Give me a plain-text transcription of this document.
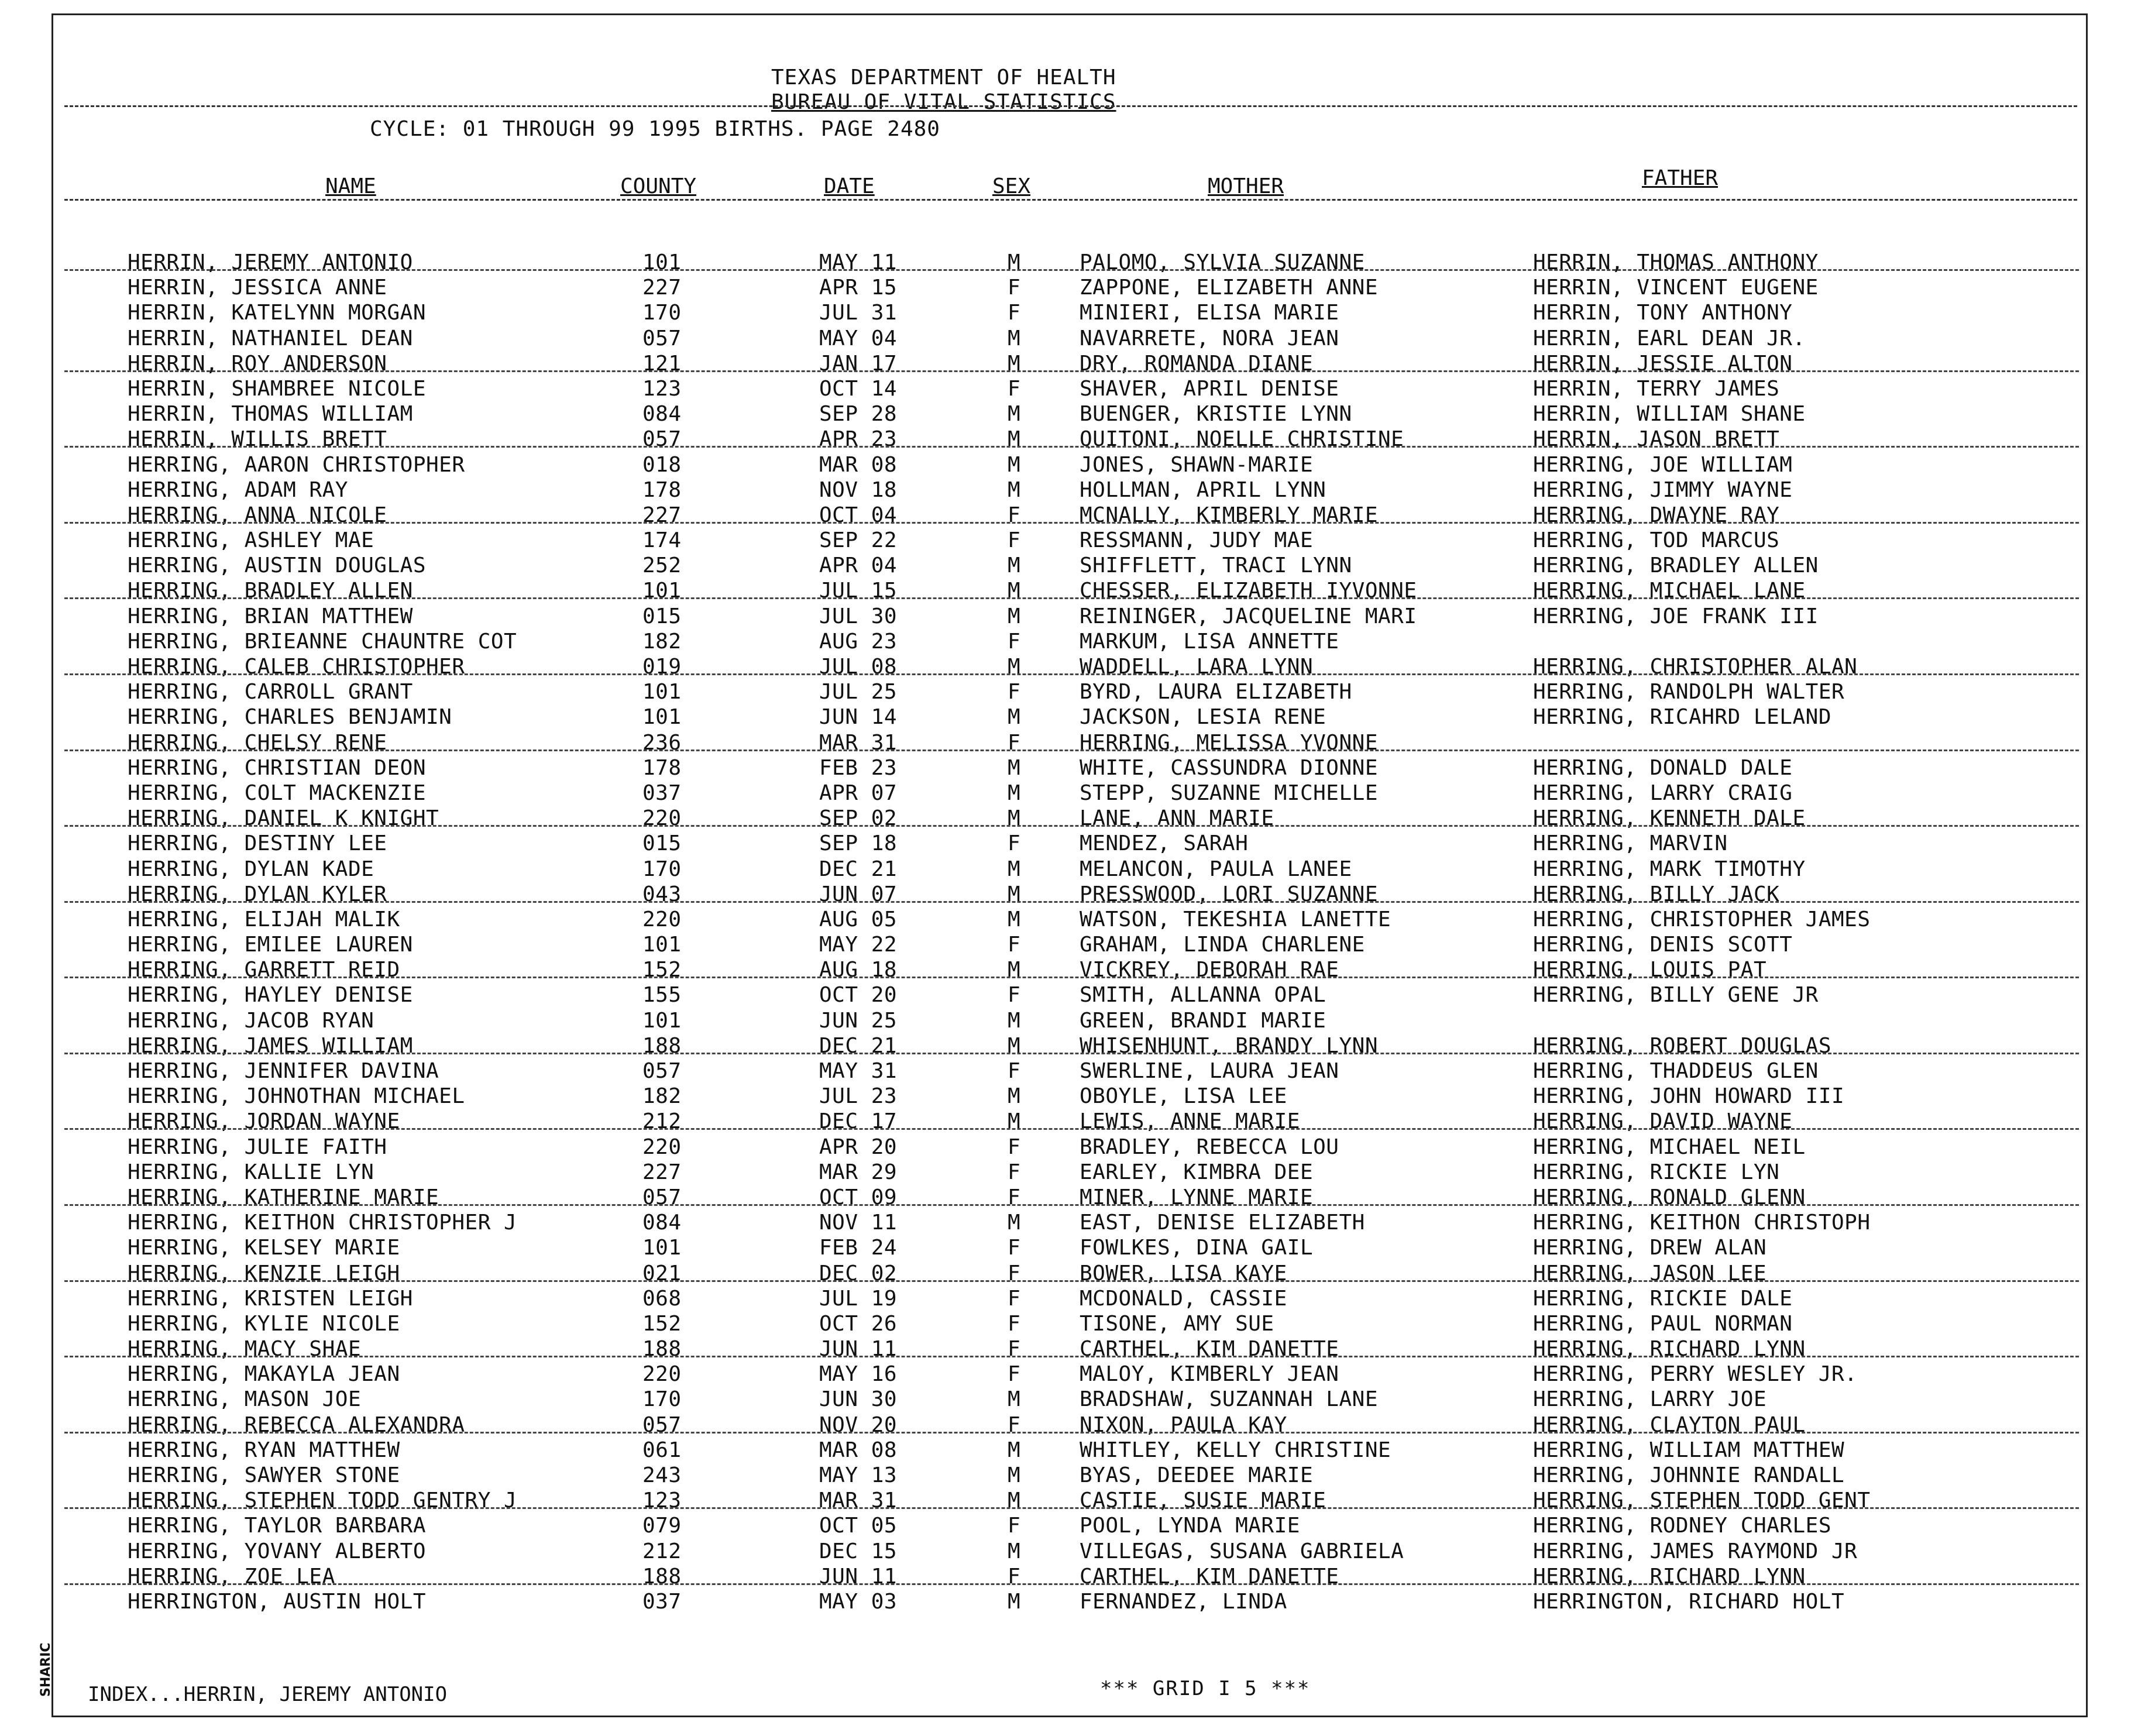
TEXAS DEPARTMENT OF HEALTH
BUREAU OF VITAL STATISTICS
CYCLE: 01 THROUGH 99 1995 BIRTHS. PAGE 2480
NAME	COUNTY	DATE	SEX	MOTHER	FATHER
HERRIN, JEREMY ANTONIO	101	MAY 11	M	PALOMO, SYLVIA SUZANNE	HERRIN, THOMAS ANTHONY
HERRIN, JESSICA ANNE	227	APR 15	F	ZAPPONE, ELIZABETH ANNE	HERRIN, VINCENT EUGENE
HERRIN, KATELYNN MORGAN	170	JUL 31	F	MINIERI, ELISA MARIE	HERRIN, TONY ANTHONY
HERRIN, NATHANIEL DEAN	057	MAY 04	M	NAVARRETE, NORA JEAN	HERRIN, EARL DEAN JR.
HERRIN, ROY ANDERSON	121	JAN 17	M	DRY, ROMANDA DIANE	HERRIN, JESSIE ALTON
HERRIN, SHAMBREE NICOLE	123	OCT 14	F	SHAVER, APRIL DENISE	HERRIN, TERRY JAMES
HERRIN, THOMAS WILLIAM	084	SEP 28	M	BUENGER, KRISTIE LYNN	HERRIN, WILLIAM SHANE
HERRIN, WILLIS BRETT	057	APR 23	M	QUITONI, NOELLE CHRISTINE	HERRIN, JASON BRETT
HERRING, AARON CHRISTOPHER	018	MAR 08	M	JONES, SHAWN-MARIE	HERRING, JOE WILLIAM
HERRING, ADAM RAY	178	NOV 18	M	HOLLMAN, APRIL LYNN	HERRING, JIMMY WAYNE
HERRING, ANNA NICOLE	227	OCT 04	F	MCNALLY, KIMBERLY MARIE	HERRING, DWAYNE RAY
HERRING, ASHLEY MAE	174	SEP 22	F	RESSMANN, JUDY MAE	HERRING, TOD MARCUS
HERRING, AUSTIN DOUGLAS	252	APR 04	M	SHIFFLETT, TRACI LYNN	HERRING, BRADLEY ALLEN
HERRING, BRADLEY ALLEN	101	JUL 15	M	CHESSER, ELIZABETH IYVONNE	HERRING, MICHAEL LANE
HERRING, BRIAN MATTHEW	015	JUL 30	M	REININGER, JACQUELINE MARI	HERRING, JOE FRANK III
HERRING, BRIEANNE CHAUNTRE COT	182	AUG 23	F	MARKUM, LISA ANNETTE
HERRING, CALEB CHRISTOPHER	019	JUL 08	M	WADDELL, LARA LYNN	HERRING, CHRISTOPHER ALAN
HERRING, CARROLL GRANT	101	JUL 25	F	BYRD, LAURA ELIZABETH	HERRING, RANDOLPH WALTER
HERRING, CHARLES BENJAMIN	101	JUN 14	M	JACKSON, LESIA RENE	HERRING, RICAHRD LELAND
HERRING, CHELSY RENE	236	MAR 31	F	HERRING, MELISSA YVONNE
HERRING, CHRISTIAN DEON	178	FEB 23	M	WHITE, CASSUNDRA DIONNE	HERRING, DONALD DALE
HERRING, COLT MACKENZIE	037	APR 07	M	STEPP, SUZANNE MICHELLE	HERRING, LARRY CRAIG
HERRING, DANIEL K KNIGHT	220	SEP 02	M	LANE, ANN MARIE	HERRING, KENNETH DALE
HERRING, DESTINY LEE	015	SEP 18	F	MENDEZ, SARAH	HERRING, MARVIN
HERRING, DYLAN KADE	170	DEC 21	M	MELANCON, PAULA LANEE	HERRING, MARK TIMOTHY
HERRING, DYLAN KYLER	043	JUN 07	M	PRESSWOOD, LORI SUZANNE	HERRING, BILLY JACK
HERRING, ELIJAH MALIK	220	AUG 05	M	WATSON, TEKESHIA LANETTE	HERRING, CHRISTOPHER JAMES
HERRING, EMILEE LAUREN	101	MAY 22	F	GRAHAM, LINDA CHARLENE	HERRING, DENIS SCOTT
HERRING, GARRETT REID	152	AUG 18	M	VICKREY, DEBORAH RAE	HERRING, LOUIS PAT
HERRING, HAYLEY DENISE	155	OCT 20	F	SMITH, ALLANNA OPAL	HERRING, BILLY GENE JR
HERRING, JACOB RYAN	101	JUN 25	M	GREEN, BRANDI MARIE
HERRING, JAMES WILLIAM	188	DEC 21	M	WHISENHUNT, BRANDY LYNN	HERRING, ROBERT DOUGLAS
HERRING, JENNIFER DAVINA	057	MAY 31	F	SWERLINE, LAURA JEAN	HERRING, THADDEUS GLEN
HERRING, JOHNOTHAN MICHAEL	182	JUL 23	M	OBOYLE, LISA LEE	HERRING, JOHN HOWARD III
HERRING, JORDAN WAYNE	212	DEC 17	M	LEWIS, ANNE MARIE	HERRING, DAVID WAYNE
HERRING, JULIE FAITH	220	APR 20	F	BRADLEY, REBECCA LOU	HERRING, MICHAEL NEIL
HERRING, KALLIE LYN	227	MAR 29	F	EARLEY, KIMBRA DEE	HERRING, RICKIE LYN
HERRING, KATHERINE MARIE	057	OCT 09	F	MINER, LYNNE MARIE	HERRING, RONALD GLENN
HERRING, KEITHON CHRISTOPHER J	084	NOV 11	M	EAST, DENISE ELIZABETH	HERRING, KEITHON CHRISTOPH
HERRING, KELSEY MARIE	101	FEB 24	F	FOWLKES, DINA GAIL	HERRING, DREW ALAN
HERRING, KENZIE LEIGH	021	DEC 02	F	BOWER, LISA KAYE	HERRING, JASON LEE
HERRING, KRISTEN LEIGH	068	JUL 19	F	MCDONALD, CASSIE	HERRING, RICKIE DALE
HERRING, KYLIE NICOLE	152	OCT 26	F	TISONE, AMY SUE	HERRING, PAUL NORMAN
HERRING, MACY SHAE	188	JUN 11	F	CARTHEL, KIM DANETTE	HERRING, RICHARD LYNN
HERRING, MAKAYLA JEAN	220	MAY 16	F	MALOY, KIMBERLY JEAN	HERRING, PERRY WESLEY JR.
HERRING, MASON JOE	170	JUN 30	M	BRADSHAW, SUZANNAH LANE	HERRING, LARRY JOE
HERRING, REBECCA ALEXANDRA	057	NOV 20	F	NIXON, PAULA KAY	HERRING, CLAYTON PAUL
HERRING, RYAN MATTHEW	061	MAR 08	M	WHITLEY, KELLY CHRISTINE	HERRING, WILLIAM MATTHEW
HERRING, SAWYER STONE	243	MAY 13	M	BYAS, DEEDEE MARIE	HERRING, JOHNNIE RANDALL
HERRING, STEPHEN TODD GENTRY J	123	MAR 31	M	CASTIE, SUSIE MARIE	HERRING, STEPHEN TODD GENT
HERRING, TAYLOR BARBARA	079	OCT 05	F	POOL, LYNDA MARIE	HERRING, RODNEY CHARLES
HERRING, YOVANY ALBERTO	212	DEC 15	M	VILLEGAS, SUSANA GABRIELA	HERRING, JAMES RAYMOND JR
HERRING, ZOE LEA	188	JUN 11	F	CARTHEL, KIM DANETTE	HERRING, RICHARD LYNN
HERRINGTON, AUSTIN HOLT	037	MAY 03	M	FERNANDEZ, LINDA	HERRINGTON, RICHARD HOLT
INDEX...HERRIN, JEREMY ANTONIO	*** GRID I 5 ***
SHARIC
